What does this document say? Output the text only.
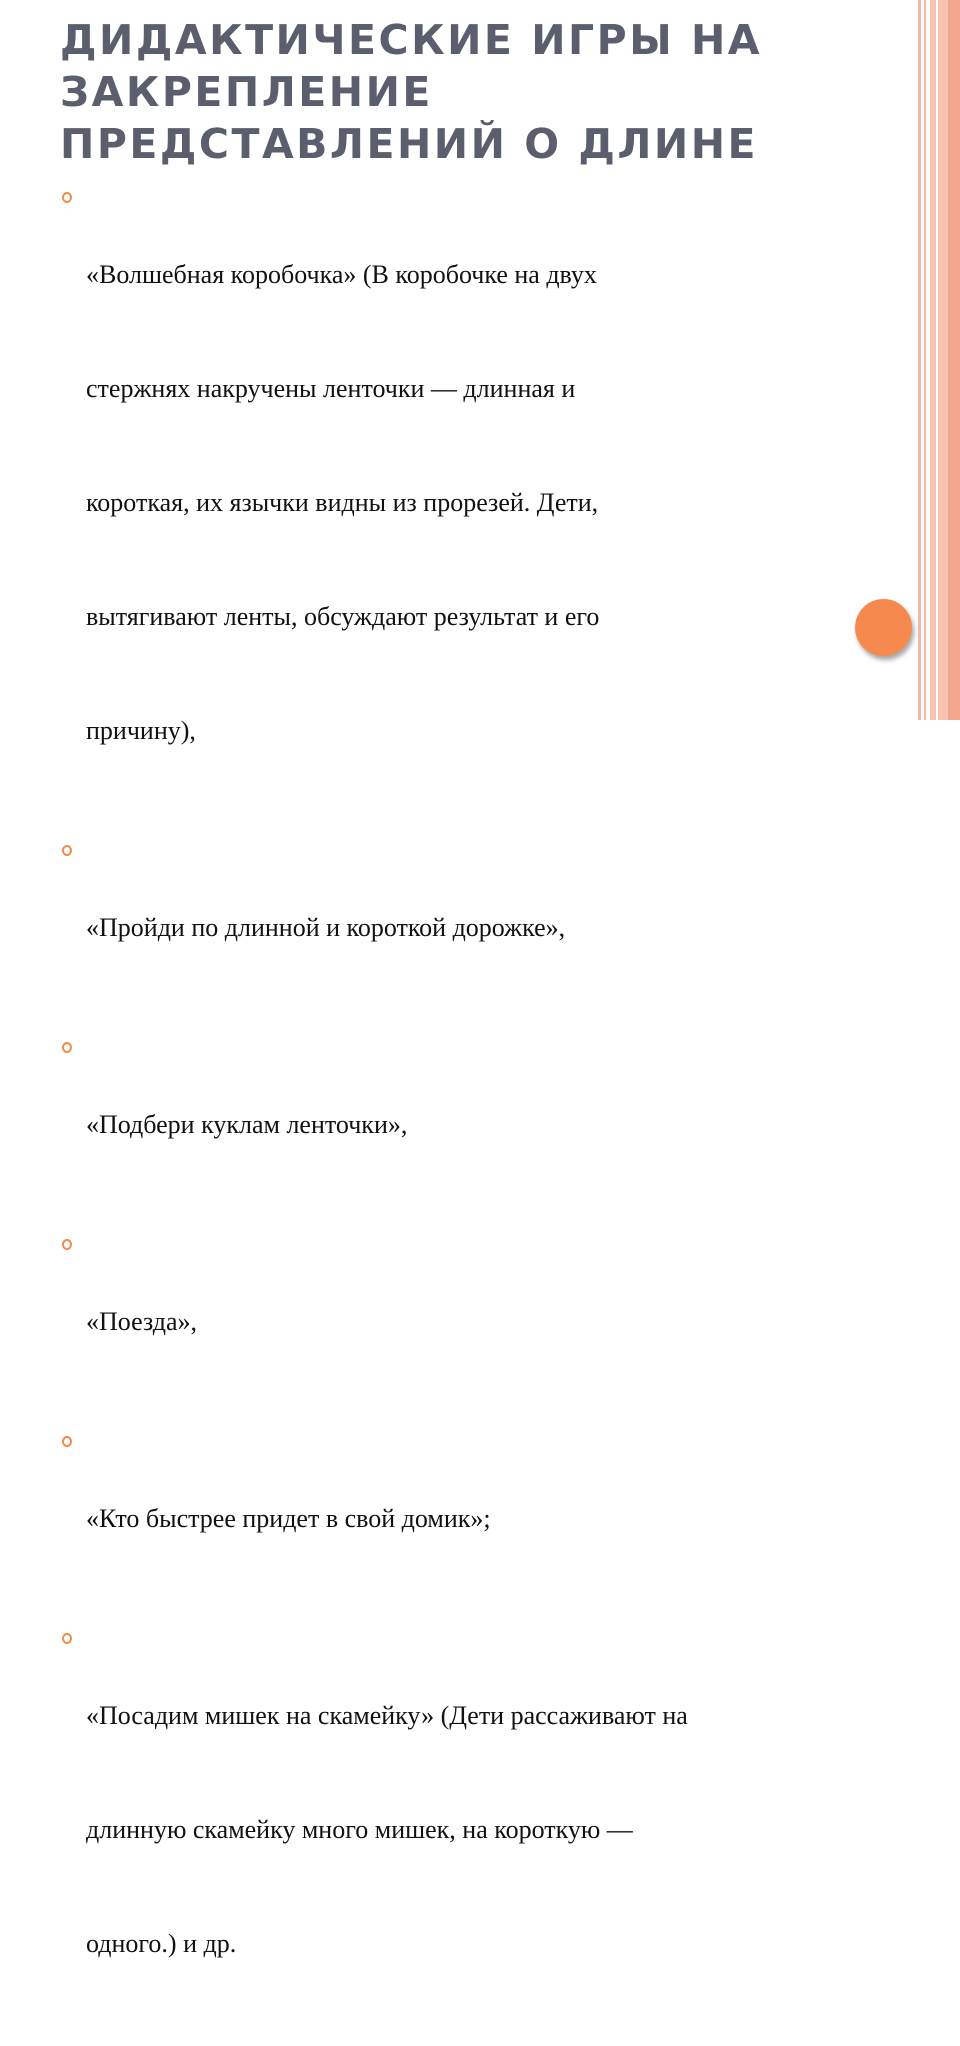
ДИДАКТИЧЕСКИЕ ИГРЫ НА
ЗАКРЕПЛЕНИЕ
ПРЕДСТАВЛЕНИЙ О ДЛИНЕ

«Волшебная коробочка» (В коробочке на двух

стержнях накручены ленточки — длинная и

короткая, их язычки видны из прорезей. Дети,

вытягивают ленты, обсуждают результат и его

причину),

«Пройди по длинной и короткой дорожке»,

«Подбери куклам ленточки»,

«Поезда»,

«Кто быстрее придет в свой домик»;

«Посадим мишек на скамейку» (Дети рассаживают на

длинную скамейку много мишек, на короткую —

одного.) и др.
